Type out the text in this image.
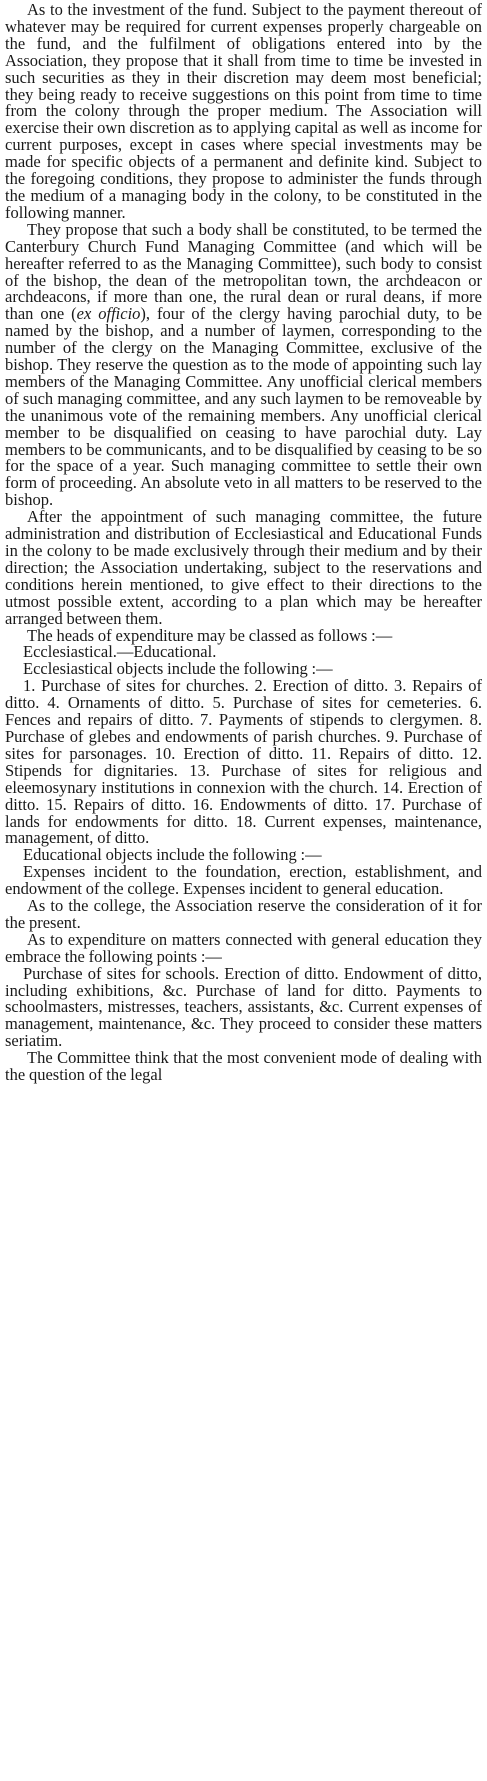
As to the investment of the fund. Subject to the payment thereout of whatever may be required for current expenses properly chargeable on the fund, and the fulfilment of obligations entered into by the Association, they propose that it shall from time to time be invested in such securities as they in their discretion may deem most beneficial; they being ready to receive suggestions on this point from time to time from the colony through the proper medium. The Association will exercise their own discretion as to applying capital as well as income for current purposes, except in cases where special investments may be made for specific objects of a permanent and definite kind. Subject to the foregoing conditions, they propose to administer the funds through the medium of a managing body in the colony, to be constituted in the following manner.

They propose that such a body shall be constituted, to be termed the Canterbury Church Fund Managing Committee (and which will be hereafter referred to as the Managing Committee), such body to consist of the bishop, the dean of the metropolitan town, the archdeacon or archdeacons, if more than one, the rural dean or rural deans, if more than one (ex officio), four of the clergy having parochial duty, to be named by the bishop, and a number of laymen, corresponding to the number of the clergy on the Managing Committee, exclusive of the bishop. They reserve the question as to the mode of appointing such lay members of the Managing Committee. Any unofficial clerical members of such managing committee, and any such laymen to be removeable by the unanimous vote of the remaining members. Any unofficial clerical member to be disqualified on ceasing to have parochial duty. Lay members to be communicants, and to be disqualified by ceasing to be so for the space of a year. Such managing committee to settle their own form of proceeding. An absolute veto in all matters to be reserved to the bishop.

After the appointment of such managing committee, the future administration and distribution of Ecclesiastical and Educational Funds in the colony to be made exclusively through their medium and by their direction; the Association undertaking, subject to the reservations and conditions herein mentioned, to give effect to their directions to the utmost possible extent, according to a plan which may be hereafter arranged between them.

The heads of expenditure may be classed as follows :—

Ecclesiastical.—Educational.

Ecclesiastical objects include the following :—

1. Purchase of sites for churches. 2. Erection of ditto. 3. Repairs of ditto. 4. Ornaments of ditto. 5. Purchase of sites for cemeteries. 6. Fences and repairs of ditto. 7. Payments of stipends to clergymen. 8. Purchase of glebes and endowments of parish churches. 9. Purchase of sites for parsonages. 10. Erection of ditto. 11. Repairs of ditto. 12. Stipends for dignitaries. 13. Purchase of sites for religious and eleemosynary institutions in connexion with the church. 14. Erection of ditto. 15. Repairs of ditto. 16. Endowments of ditto. 17. Purchase of lands for endowments for ditto. 18. Current expenses, maintenance, management, of ditto.

Educational objects include the following :—

Expenses incident to the foundation, erection, establishment, and endowment of the college. Expenses incident to general education.

As to the college, the Association reserve the consideration of it for the present.

As to expenditure on matters connected with general education they embrace the following points :—

Purchase of sites for schools. Erection of ditto. Endowment of ditto, including exhibitions, &c. Purchase of land for ditto. Payments to schoolmasters, mistresses, teachers, assistants, &c. Current expenses of management, maintenance, &c. They proceed to consider these matters seriatim.

The Committee think that the most convenient mode of dealing with the question of the legal
